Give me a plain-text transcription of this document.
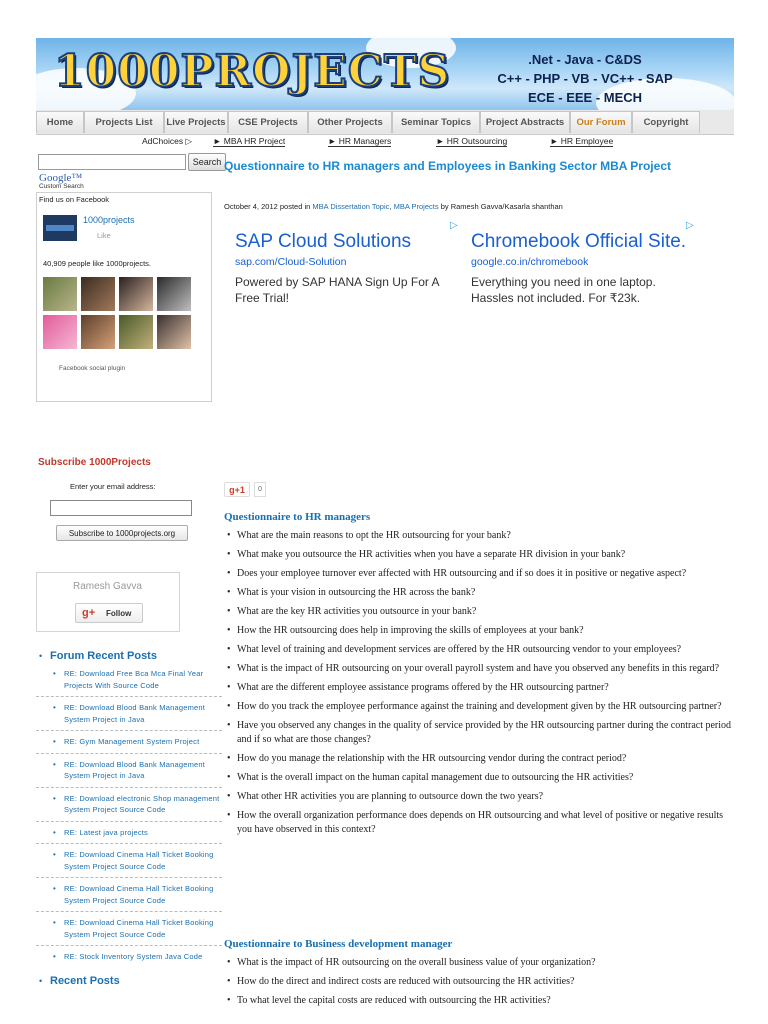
1000PROJECTS	.Net - Java - C&DS
C++ - PHP - VB - VC++ - SAP
ECE - EEE - MECH
Home	Projects List	Live Projects	CSE Projects	Other Projects	Seminar Topics	Project Abstracts	Our Forum	Copyright
AdChoices ▷ ► MBA HR Project	► HR Managers	► HR Outsourcing	► HR Employee
Search
Google™
Custom Search
Find us on Facebook
1000projects
Like
40,909 people like 1000projects.
Facebook social plugin
Subscribe 1000Projects
Enter your email address:
Subscribe to 1000projects.org
Ramesh Gavva
g+ Follow
• Forum Recent Posts
• RE: Download Free Bca Mca Final Year Projects With Source Code
• RE: Download Blood Bank Management System Project in Java
• RE: Gym Management System Project
• RE: Download Blood Bank Management System Project in Java
• RE: Download electronic Shop management System Project Source Code
• RE: Latest java projects
• RE: Download Cinema Hall Ticket Booking System Project Source Code
• RE: Download Cinema Hall Ticket Booking System Project Source Code
• RE: Download Cinema Hall Ticket Booking System Project Source Code
• RE: Stock Inventory System Java Code
• Recent Posts
Questionnaire to HR managers and Employees in Banking Sector MBA Project
October 4, 2012 posted in MBA Dissertation Topic, MBA Projects by Ramesh Gavva/Kasarla shanthan
▷
SAP Cloud Solutions
sap.com/Cloud-Solution
Powered by SAP HANA Sign Up For A Free Trial!
▷
Chromebook Official Site.
google.co.in/chromebook
Everything you need in one laptop. Hassles not included. For ₹23k.
g+1	0
Questionnaire to HR managers
• What are the main reasons to opt the HR outsourcing for your bank?
• What make you outsource the HR activities when you have a separate HR division in your bank?
• Does your employee turnover ever affected with HR outsourcing and if so does it in positive or negative aspect?
• What is your vision in outsourcing the HR across the bank?
• What are the key HR activities you outsource in your bank?
• How the HR outsourcing does help in improving the skills of employees at your bank?
• What level of training and development services are offered by the HR outsourcing vendor to your employees?
• What is the impact of HR outsourcing on your overall payroll system and have you observed any benefits in this regard?
• What are the different employee assistance programs offered by the HR outsourcing partner?
• How do you track the employee performance against the training and development given by the HR outsourcing partner?
• Have you observed any changes in the quality of service provided by the HR outsourcing partner during the contract period and if so what are those changes?
• How do you manage the relationship with the HR outsourcing vendor during the contract period?
• What is the overall impact on the human capital management due to outsourcing the HR activities?
• What other HR activities you are planning to outsource down the two years?
• How the overall organization performance does depends on HR outsourcing and what level of positive or negative results you have observed in this context?
Questionnaire to Business development manager
• What is the impact of HR outsourcing on the overall business value of your organization?
• How do the direct and indirect costs are reduced with outsourcing the HR activities?
• To what level the capital costs are reduced with outsourcing the HR activities?
